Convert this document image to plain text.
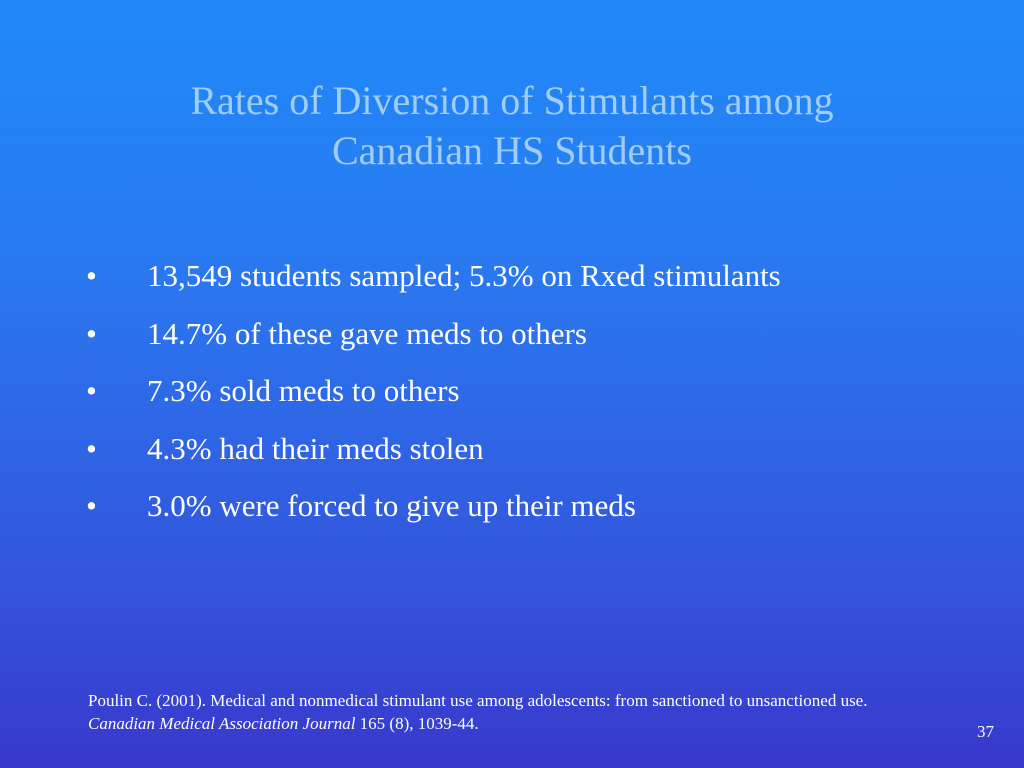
Rates of Diversion of Stimulants among
Canadian HS Students
•	13,549 students sampled; 5.3% on Rxed stimulants
•	14.7% of these gave meds to others
•	7.3% sold meds to others
•	4.3% had their meds stolen
•	3.0% were forced to give up their meds
Poulin C. (2001). Medical and nonmedical stimulant use among adolescents: from sanctioned to unsanctioned use. Canadian Medical Association Journal 165 (8), 1039-44.	37
